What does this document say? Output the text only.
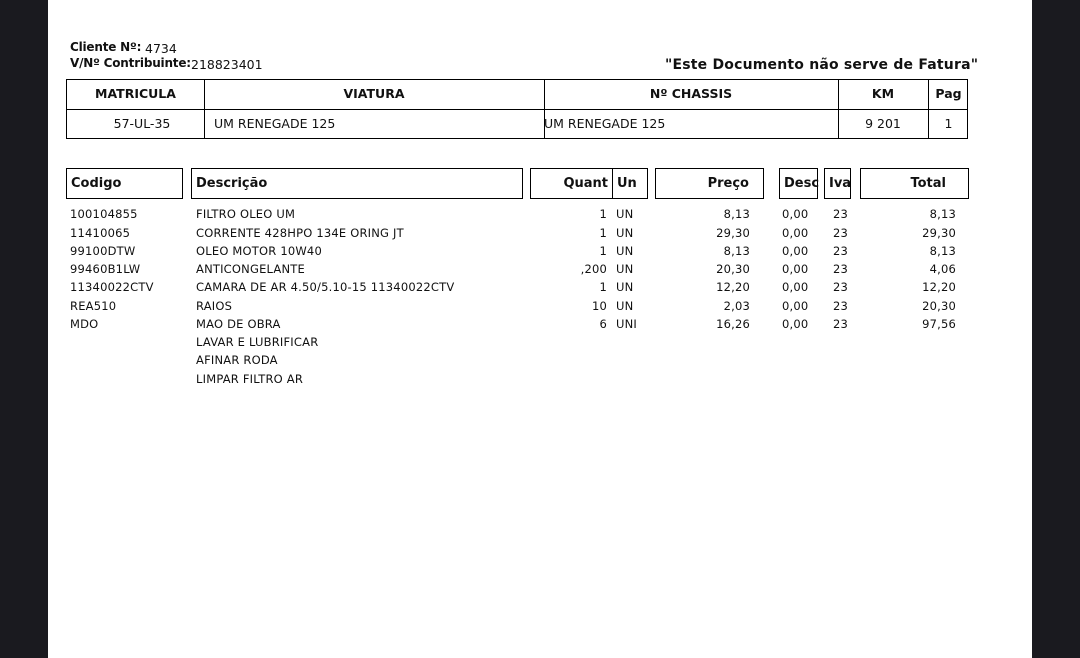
Cliente Nº: 4734
V/Nº Contribuinte: 218823401	"Este Documento não serve de Fatura"
MATRICULA	VIATURA	Nº CHASSIS	KM	Pag
57-UL-35	UM RENEGADE 125	UM RENEGADE 125	9 201	1
Codigo	Descrição	Quant Un	Preço	Desc Iva	Total
100104855	FILTRO OLEO UM	1 UN	8,13	0,00 23	8,13
11410065	CORRENTE 428HPO 134E ORING JT	1 UN	29,30	0,00 23	29,30
99100DTW	OLEO MOTOR 10W40	1 UN	8,13	0,00 23	8,13
99460B1LW	ANTICONGELANTE	,200 UN	20,30	0,00 23	4,06
11340022CTV	CAMARA DE AR 4.50/5.10-15 11340022CTV	1 UN	12,20	0,00 23	12,20
REA510	RAIOS	10 UN	2,03	0,00 23	20,30
MDO	MAO DE OBRA	6 UNI	16,26	0,00 23	97,56
LAVAR E LUBRIFICAR
AFINAR RODA
LIMPAR FILTRO AR
